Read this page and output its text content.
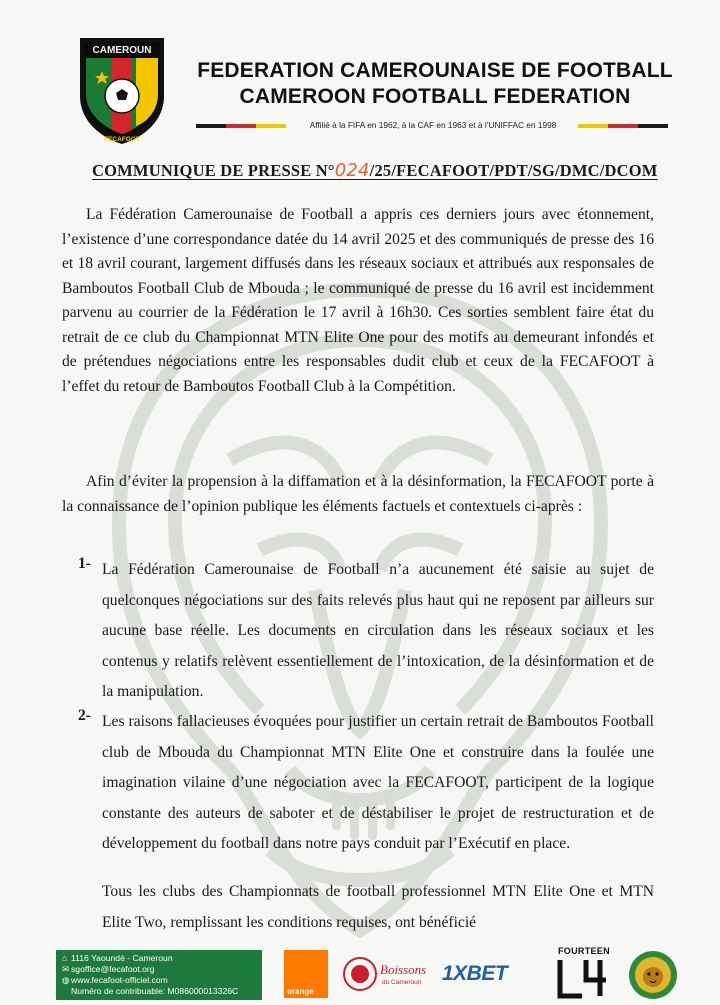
CAMEROUN
FECAFOOT
FEDERATION CAMEROUNAISE DE FOOTBALL
CAMEROON FOOTBALL FEDERATION
Affilié à la FIFA en 1962, à la CAF en 1963 et à l’UNIFFAC en 1998
COMMUNIQUE DE PRESSE N°024/25/FECAFOOT/PDT/SG/DMC/DCOM
La Fédération Camerounaise de Football a appris ces derniers jours avec étonnement, l’existence d’une correspondance datée du 14 avril 2025 et des communiqués de presse des 16 et 18 avril courant, largement diffusés dans les réseaux sociaux et attribués aux responsales de Bamboutos Football Club de Mbouda ; le communiqué de presse du 16 avril est incidemment parvenu au courrier de la Fédération le 17 avril à 16h30. Ces sorties semblent faire état du retrait de ce club du Championnat MTN Elite One pour des motifs au demeurant infondés et de prétendues négociations entre les responsables dudit club et ceux de la FECAFOOT à l’effet du retour de Bamboutos Football Club à la Compétition.
Afin d’éviter la propension à la diffamation et à la désinformation, la FECAFOOT porte à la connaissance de l’opinion publique les éléments factuels et contextuels ci-après :
1- La Fédération Camerounaise de Football n’a aucunement été saisie au sujet de quelconques négociations sur des faits relevés plus haut qui ne reposent par ailleurs sur aucune base réelle. Les documents en circulation dans les réseaux sociaux et les contenus y relatifs relèvent essentiellement de l’intoxication, de la désinformation et de la manipulation.
2- Les raisons fallacieuses évoquées pour justifier un certain retrait de Bamboutos Football club de Mbouda du Championnat MTN Elite One et construire dans la foulée une imagination vilaine d’une négociation avec la FECAFOOT, participent de la logique constante des auteurs de saboter et de déstabiliser le projet de restructuration et de développement du football dans notre pays conduit par l’Exécutif en place.
Tous les clubs des Championnats de football professionnel MTN Elite One et MTN Elite Two, remplissant les conditions requises, ont bénéficié
⌂ 1116 Yaoundé - Cameroun
✉ sgoffice@fecafoot.org
◍ www.fecafoot-officiel.com
Numéro de contribuable: M086000013326C	orange
Boissons
du Cameroun 1XBET
FOURTEEN
